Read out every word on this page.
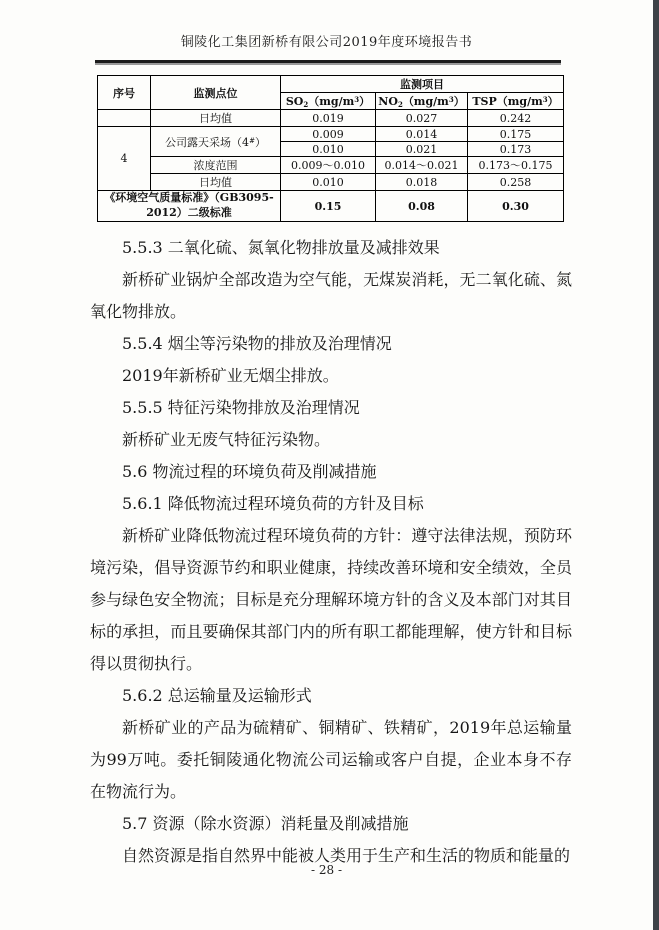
铜陵化工集团新桥有限公司2019年度环境报告书
序号	监测点位	监测项目		
		$SO_2(mg/m^3)$	$NO_2(mg/m^3)$	$TSP(mg/m^3)$
	日均值	0.019	0.027	0.242
4	公司露天采场（4#）	0.009	0.014	0.175
		0.010	0.021	0.173
	浓度范围	0.009～0.010	0.014～0.021	0.173～0.175
	日均值	0.010	0.018	0.258
《环境空气质量标准》（GB3095-2012）二级标准		0.15	0.08	0.30

5.5.3 二氧化硫、氮氧化物排放量及减排效果

新桥矿业锅炉全部改造为空气能，无煤炭消耗，无二氧化硫、氮氧化物排放。

5.5.4 烟尘等污染物的排放及治理情况

2019年新桥矿业无烟尘排放。

5.5.5 特征污染物排放及治理情况

新桥矿业无废气特征污染物。

5.6 物流过程的环境负荷及削减措施

5.6.1 降低物流过程环境负荷的方针及目标

新桥矿业降低物流过程环境负荷的方针：遵守法律法规，预防环境污染，倡导资源节约和职业健康，持续改善环境和安全绩效，全员参与绿色安全物流；目标是充分理解环境方针的含义及本部门对其目标的承担，而且要确保其部门内的所有职工都能理解，使方针和目标得以贯彻执行。

5.6.2 总运输量及运输形式

新桥矿业的产品为硫精矿、铜精矿、铁精矿，2019年总运输量为99万吨。委托铜陵通化物流公司运输或客户自提，企业本身不存在物流行为。

5.7 资源（除水资源）消耗量及削减措施

自然资源是指自然界中能被人类用于生产和生活的物质和能量的

- 28 -
